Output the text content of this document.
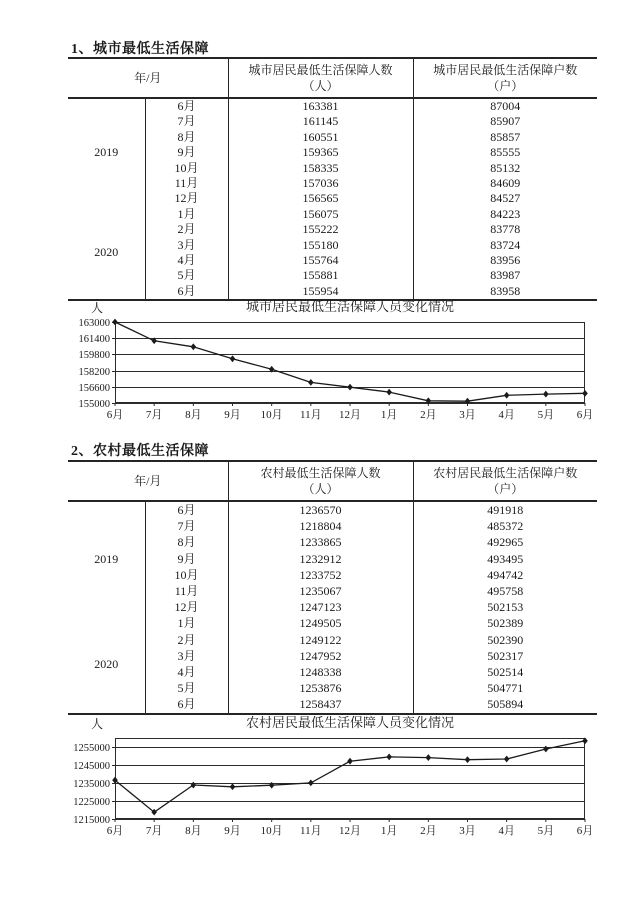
1、城市最低生活保障
年/月	
城市居民最低生活保障人数
（人）

城市居民最低生活保障户数
（户）

2019	6月	163381	87004
	7月	161145	85907
	8月	160551	85857
	9月	159365	85555
	10月	158335	85132
	11月	157036	84609
	12月	156565	84527
2020	1月	156075	84223
	2月	155222	83778
	3月	155180	83724
	4月	155764	83956
	5月	155881	83987
	6月	155954	83958
城市居民最低生活保障人员变化情况
人
155000
156600
158200
159800
161400
163000
6月 7月 8月 9月 10月 11月 12月 1月 2月 3月 4月 5月 6月
2、农村最低生活保障
年/月	
农村最低生活保障人数
（人）

农村居民最低生活保障户数
（户）

2019	6月	1236570	491918
	7月	1218804	485372
	8月	1233865	492965
	9月	1232912	493495
	10月	1233752	494742
	11月	1235067	495758
	12月	1247123	502153
2020	1月	1249505	502389
	2月	1249122	502390
	3月	1247952	502317
	4月	1248338	502514
	5月	1253876	504771
	6月	1258437	505894
农村居民最低生活保障人员变化情况
人
1215000
1225000
1235000
1245000
1255000
6月 7月 8月 9月 10月 11月 12月 1月 2月 3月 4月 5月 6月
